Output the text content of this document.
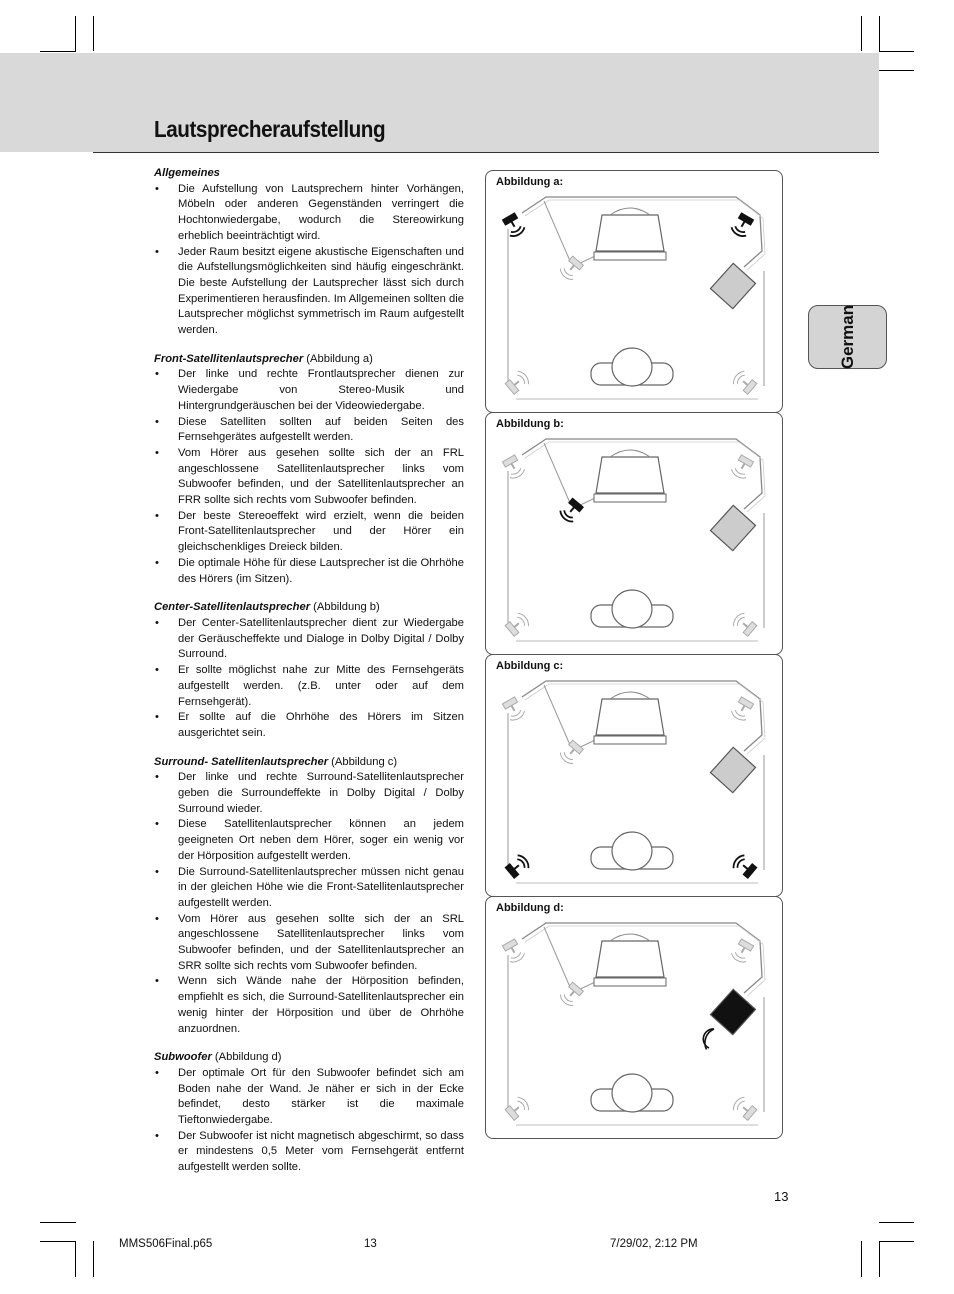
Lautsprecheraufstellung
German
Allgemeines
• Die Aufstellung von Lautsprechern hinter Vorhängen, Möbeln oder anderen Gegenständen verringert die Hochtonwiedergabe, wodurch die Stereowirkung erheblich beeinträchtigt wird.
• Jeder Raum besitzt eigene akustische Eigenschaften und die Aufstellungsmöglichkeiten sind häufig eingeschränkt. Die beste Aufstellung der Lautsprecher lässt sich durch Experimentieren herausfinden. Im Allgemeinen sollten die Lautsprecher möglichst symmetrisch im Raum aufgestellt werden.
Front-Satellitenlautsprecher (Abbildung a)
• Der linke und rechte Frontlautsprecher dienen zur Wiedergabe von Stereo-Musik und Hintergrundgeräuschen bei der Videowiedergabe.
• Diese Satelliten sollten auf beiden Seiten des Fernsehgerätes aufgestellt werden.
• Vom Hörer aus gesehen sollte sich der an FRL angeschlossene Satellitenlautsprecher links vom Subwoofer befinden, und der Satellitenlautsprecher an FRR sollte sich rechts vom Subwoofer befinden.
• Der beste Stereoeffekt wird erzielt, wenn die beiden Front-Satellitenlautsprecher und der Hörer ein gleichschenkliges Dreieck bilden.
• Die optimale Höhe für diese Lautsprecher ist die Ohrhöhe des Hörers (im Sitzen).
Center-Satellitenlautsprecher (Abbildung b)
• Der Center-Satellitenlautsprecher dient zur Wiedergabe der Geräuscheffekte und Dialoge in Dolby Digital / Dolby Surround.
• Er sollte möglichst nahe zur Mitte des Fernsehgeräts aufgestellt werden. (z.B. unter oder auf dem Fernsehgerät).
• Er sollte auf die Ohrhöhe des Hörers im Sitzen ausgerichtet sein.
Surround- Satellitenlautsprecher (Abbildung c)
• Der linke und rechte Surround-Satellitenlautsprecher geben die Surroundeffekte in Dolby Digital / Dolby Surround wieder.
• Diese Satellitenlautsprecher können an jedem geeigneten Ort neben dem Hörer, soger ein wenig vor der Hörposition aufgestellt werden.
• Die Surround-Satellitenlautsprecher müssen nicht genau in der gleichen Höhe wie die Front-Satellitenlautsprecher aufgestellt werden.
• Vom Hörer aus gesehen sollte sich der an SRL angeschlossene Satellitenlautsprecher links vom Subwoofer befinden, und der Satellitenlautsprecher an SRR sollte sich rechts vom Subwoofer befinden.
• Wenn sich Wände nahe der Hörposition befinden, empfiehlt es sich, die Surround-Satellitenlautsprecher ein wenig hinter der Hörposition und über de Ohrhöhe anzuordnen.
Subwoofer (Abbildung d)
• Der optimale Ort für den Subwoofer befindet sich am Boden nahe der Wand. Je näher er sich in der Ecke befindet, desto stärker ist die maximale Tieftonwiedergabe.
• Der Subwoofer ist nicht magnetisch abgeschirmt, so dass er mindestens 0,5 Meter vom Fernsehgerät entfernt aufgestellt werden sollte.
Abbildung a:
Abbildung b:
Abbildung c:
Abbildung d:
13
MMS506Final.p65	13	7/29/02, 2:12 PM
